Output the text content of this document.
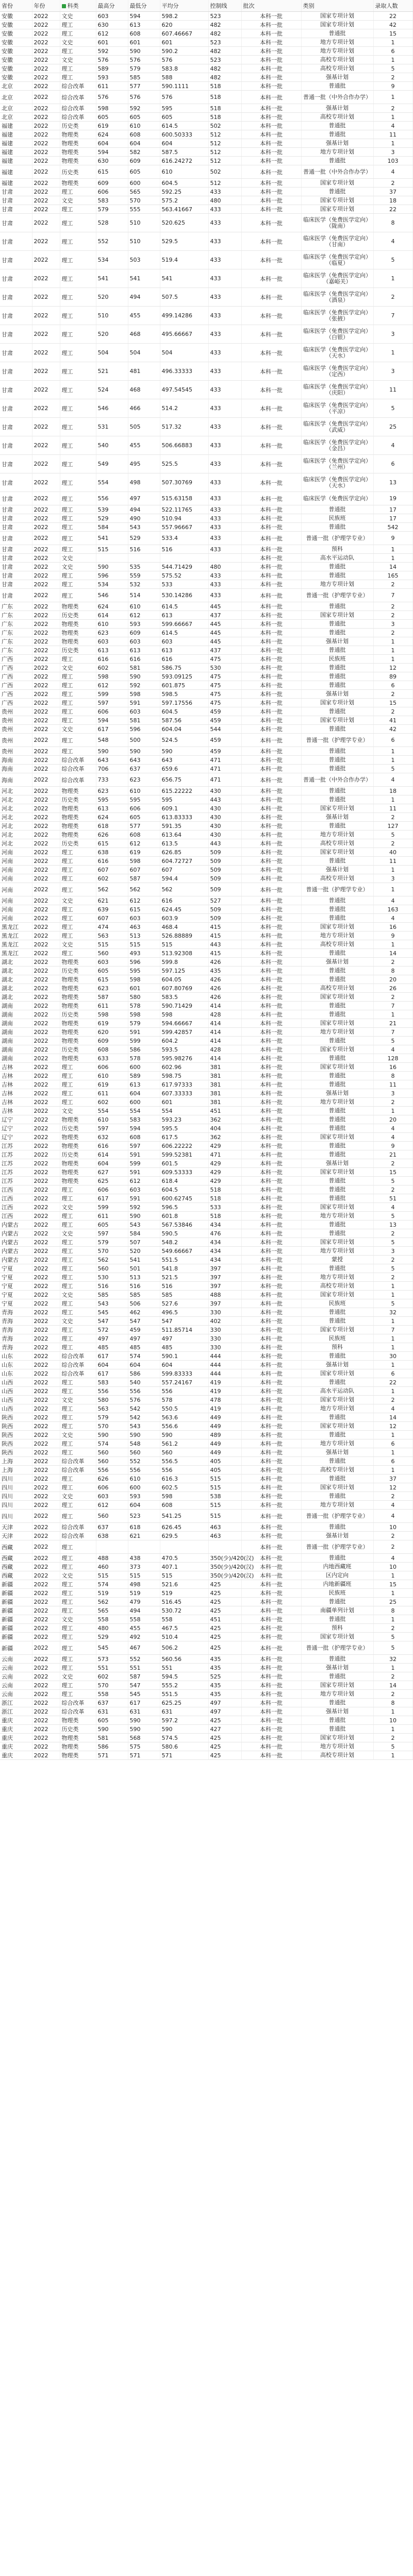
省份	年份	科类	最高分	最低分	平均分	控制线	批次	类别	录取人数
安徽	2022	文史	603	594	598.2	523	本科一批	国家专项计划	22
安徽	2022	理工	630	613	620	482	本科一批	国家专项计划	42
安徽	2022	理工	612	608	607.46667	482	本科一批	普通批	15
安徽	2022	文史	601	601	601	523	本科一批	地方专项计划	1
安徽	2022	理工	592	590	590.2	482	本科一批	地方专项计划	6
安徽	2022	文史	576	576	576	523	本科一批	高校专项计划	1
安徽	2022	理工	589	579	583.8	482	本科一批	高校专项计划	5
安徽	2022	理工	593	585	588	482	本科一批	强基计划	2
北京	2022	综合改革	611	577	590.1111	518	本科一批	普通批	9
北京	2022	综合改革	576	576	576	518	本科一批	普通一批（中外合作办学）	1
北京	2022	综合改革	598	592	595	518	本科一批	强基计划	2
北京	2022	综合改革	605	605	605	518	本科一批	高校专项计划	1
福建	2022	历史类	619	610	614.5	502	本科一批	普通批	4
福建	2022	物理类	624	608	600.50333	512	本科一批	普通批	11
福建	2022	物理类	604	604	604	512	本科一批	强基计划	1
福建	2022	物理类	594	582	587.5	512	本科一批	地方专项计划	3
福建	2022	物理类	630	609	616.24272	512	本科一批	普通批	103
福建	2022	历史类	615	605	610	502	本科一批	普通一批（中外合作办学）	4
福建	2022	物理类	609	600	604.5	512	本科一批	国家专项计划	2
甘肃	2022	理工	606	565	592.25	433	本科一批	普通批	37
甘肃	2022	文史	583	570	575.2	480	本科一批	国家专项计划	18
甘肃	2022	理工	579	555	563.41667	433	本科一批	国家专项计划	22
甘肃	2022	理工	528	510	520.625	433	本科一批	临床医学（免费医学定向）（陇南）	8
甘肃	2022	理工	552	510	529.5	433	本科一批	临床医学（免费医学定向）（甘南）	4
甘肃	2022	理工	534	503	519.4	433	本科一批	临床医学（免费医学定向）（临夏）	5
甘肃	2022	理工	541	541	541	433	本科一批	临床医学（免费医学定向）（嘉峪关）	1
甘肃	2022	理工	520	494	507.5	433	本科一批	临床医学（免费医学定向）（酒泉）	2
甘肃	2022	理工	510	455	499.14286	433	本科一批	临床医学（免费医学定向）（张掖）	7
甘肃	2022	理工	520	468	495.66667	433	本科一批	临床医学（免费医学定向）（白银）	3
甘肃	2022	理工	504	504	504	433	本科一批	临床医学（免费医学定向）（天水）	1
甘肃	2022	理工	521	481	496.33333	433	本科一批	临床医学（免费医学定向）（定西）	3
甘肃	2022	理工	524	468	497.54545	433	本科一批	临床医学（免费医学定向）（庆阳）	11
甘肃	2022	理工	546	466	514.2	433	本科一批	临床医学（免费医学定向）（平凉）	5
甘肃	2022	理工	531	505	517.32	433	本科一批	临床医学（免费医学定向）（武威）	25
甘肃	2022	理工	540	455	506.66883	433	本科一批	临床医学（免费医学定向）（金昌）	4
甘肃	2022	理工	549	495	525.5	433	本科一批	临床医学（免费医学定向）（兰州）	6
甘肃	2022	理工	554	498	507.30769	433	本科一批	临床医学（免费医学定向）（天水）	13
甘肃	2022	理工	556	497	515.63158	433	本科一批	临床医学（免费医学定向）	19
甘肃	2022	理工	539	494	522.11765	433	本科一批	普通批	17
甘肃	2022	理工	529	490	510.94	433	本科一批	民族班	17
甘肃	2022	理工	584	543	557.96667	433	本科一批	普通批	542
甘肃	2022	理工	541	529	533.4	433	本科一批	普通一批（护理学专业）	9
甘肃	2022	理工	515	516	516	433	本科一批	预科	1
甘肃	2022	文史					本科一批	高水平运动队	1
甘肃	2022	文史	590	535	544.71429	480	本科一批	普通批	14
甘肃	2022	理工	596	559	575.52	433	本科一批	普通批	165
甘肃	2022	理工	534	532	533	433	本科一批	地方专项计划	2
甘肃	2022	理工	546	514	530.14286	433	本科一批	普通一批（护理学专业）	7
广东	2022	物理类	624	610	614.5	445	本科一批	普通批	2
广东	2022	历史类	614	612	613	437	本科一批	国家专项计划	2
广东	2022	物理类	610	593	599.66667	445	本科一批	普通批	3
广东	2022	物理类	623	609	614.5	445	本科一批	普通批	2
广东	2022	物理类	603	603	603	445	本科一批	强基计划	1
广东	2022	历史类	613	613	613	437	本科一批	普通批	1
广西	2022	理工	616	616	616	475	本科一批	民族班	1
广西	2022	文史	602	581	586.75	530	本科一批	普通批	12
广西	2022	理工	598	590	593.09125	475	本科一批	普通批	89
广西	2022	理工	612	592	601.875	475	本科一批	普通批	6
广西	2022	理工	599	598	598.5	475	本科一批	强基计划	2
广西	2022	理工	597	591	597.17556	475	本科一批	国家专项计划	15
贵州	2022	理工	606	603	604.5	459	本科一批	普通批	2
贵州	2022	理工	594	581	587.56	459	本科一批	国家专项计划	41
贵州	2022	文史	617	596	604.04	544	本科一批	普通批	42
贵州	2022	理工	548	500	524.5	459	本科一批	普通一批（护理学专业）	6
贵州	2022	理工	590	590	590	459	本科一批	普通批	1
海南	2022	综合改革	643	643	643	471	本科一批	普通批	1
海南	2022	综合改革	706	637	659.6	471	本科一批	普通批	5
海南	2022	综合改革	733	623	656.75	471	本科一批	普通一批（中外合作办学）	4
河北	2022	物理类	623	610	615.22222	430	本科一批	普通批	18
河北	2022	历史类	595	595	595	443	本科一批	普通批	1
河北	2022	物理类	613	606	609.1	430	本科一批	国家专项计划	11
河北	2022	物理类	624	605	613.83333	430	本科一批	强基计划	2
河北	2022	物理类	618	577	591.35	430	本科一批	普通批	127
河北	2022	物理类	626	608	613.64	430	本科一批	地方专项计划	5
河北	2022	历史类	615	612	613.5	443	本科一批	高校专项计划	2
河南	2022	理工	638	619	626.85	509	本科一批	国家专项计划	40
河南	2022	理工	616	598	604.72727	509	本科一批	普通批	11
河南	2022	理工	607	607	607	509	本科一批	强基计划	1
河南	2022	理工	602	587	594.4	509	本科一批	高校专项计划	3
河南	2022	理工	562	562	562	509	本科一批	普通一批（护理学专业）	1
河南	2022	文史	621	612	616	527	本科一批	普通批	4
河南	2022	理工	639	615	624.45	509	本科一批	普通批	163
河南	2022	理工	607	603	603.9	509	本科一批	普通批	4
黑龙江	2022	理工	474	463	468.4	415	本科一批	国家专项计划	16
黑龙江	2022	理工	563	513	526.88889	415	本科一批	地方专项计划	9
黑龙江	2022	文史	515	515	515	443	本科一批	高校专项计划	1
黑龙江	2022	理工	560	493	513.92308	415	本科一批	普通批	14
湖北	2022	物理类	603	596	599.8	426	本科一批	强基计划	2
湖北	2022	历史类	605	595	597.125	435	本科一批	普通批	8
湖北	2022	物理类	615	598	604.05	426	本科一批	普通批	20
湖北	2022	物理类	623	601	607.80769	426	本科一批	高校专项计划	26
湖北	2022	物理类	587	580	583.5	426	本科一批	国家专项计划	2
湖南	2022	物理类	611	578	590.71429	414	本科一批	普通批	7
湖南	2022	历史类	598	598	598	428	本科一批	普通批	1
湖南	2022	物理类	619	579	594.66667	414	本科一批	国家专项计划	21
湖南	2022	物理类	620	591	599.42857	414	本科一批	地方专项计划	7
湖南	2022	物理类	609	599	604.2	414	本科一批	普通批	5
湖南	2022	历史类	608	586	593.5	428	本科一批	国家专项计划	4
湖南	2022	物理类	633	578	595.98276	414	本科一批	普通批	128
吉林	2022	理工	606	600	602.96	381	本科一批	国家专项计划	16
吉林	2022	理工	610	589	598.75	381	本科一批	普通批	8
吉林	2022	理工	619	613	617.97333	381	本科一批	普通批	11
吉林	2022	理工	611	604	607.33333	381	本科一批	强基计划	3
吉林	2022	理工	602	600	601	381	本科一批	地方专项计划	2
吉林	2022	文史	554	554	554	451	本科一批	普通批	1
辽宁	2022	物理类	610	583	593.23	362	本科一批	普通批	20
辽宁	2022	历史类	597	594	595.5	404	本科一批	普通批	4
辽宁	2022	物理类	632	608	617.5	362	本科一批	国家专项计划	4
江苏	2022	物理类	616	597	606.22222	429	本科一批	普通批	9
江苏	2022	历史类	614	591	599.52381	471	本科一批	普通批	21
江苏	2022	物理类	604	599	601.5	429	本科一批	强基计划	2
江苏	2022	物理类	627	591	609.53333	429	本科一批	国家专项计划	15
江苏	2022	物理类	625	612	618.4	429	本科一批	普通批	5
江西	2022	理工	606	603	604.5	518	本科一批	普通批	2
江西	2022	理工	617	591	600.62745	518	本科一批	普通批	51
江西	2022	文史	599	592	596.5	533	本科一批	国家专项计划	4
江西	2022	理工	611	590	601.8	518	本科一批	地方专项计划	5
内蒙古	2022	理工	605	543	567.53846	434	本科一批	普通批	13
内蒙古	2022	文史	597	584	590.5	476	本科一批	普通批	2
内蒙古	2022	理工	579	507	548.2	434	本科一批	国家专项计划	5
内蒙古	2022	理工	570	520	549.66667	434	本科一批	地方专项计划	3
内蒙古	2022	理工	562	541	551.5	434	本科一批	蒙授	2
宁夏	2022	理工	560	501	541.8	397	本科一批	普通批	5
宁夏	2022	理工	530	513	521.5	397	本科一批	地方专项计划	2
宁夏	2022	理工	516	516	516	397	本科一批	高校专项计划	1
宁夏	2022	文史	585	585	585	488	本科一批	国家专项计划	1
宁夏	2022	理工	543	506	527.6	397	本科一批	民族班	5
青海	2022	理工	545	462	496.5	330	本科一批	普通批	32
青海	2022	文史	547	547	547	402	本科一批	普通批	1
青海	2022	理工	572	459	511.85714	330	本科一批	国家专项计划	7
青海	2022	理工	497	497	497	330	本科一批	民族班	1
青海	2022	理工	485	485	485	330	本科一批	预科	1
山东	2022	综合改革	617	574	590.1	444	本科一批	普通批	30
山东	2022	综合改革	604	604	604	444	本科一批	强基计划	1
山东	2022	综合改革	617	586	599.83333	444	本科一批	国家专项计划	6
山西	2022	理工	583	540	557.24167	419	本科一批	普通批	22
山西	2022	理工	556	556	556	419	本科一批	高水平运动队	1
山西	2022	文史	580	576	578	478	本科一批	国家专项计划	2
山西	2022	理工	563	542	550.5	419	本科一批	地方专项计划	4
陕西	2022	理工	579	542	563.6	449	本科一批	普通批	14
陕西	2022	理工	570	543	556.6	449	本科一批	国家专项计划	12
陕西	2022	文史	590	590	590	489	本科一批	普通批	1
陕西	2022	理工	574	548	561.2	449	本科一批	地方专项计划	6
陕西	2022	理工	560	560	560	449	本科一批	强基计划	1
上海	2022	综合改革	560	552	556.5	405	本科一批	普通批	6
上海	2022	综合改革	556	556	556	405	本科一批	高校专项计划	1
四川	2022	理工	626	610	616.3	515	本科一批	普通批	37
四川	2022	理工	606	600	602.5	515	本科一批	国家专项计划	12
四川	2022	文史	603	593	598	538	本科一批	普通批	2
四川	2022	理工	612	604	608	515	本科一批	地方专项计划	4
四川	2022	理工	560	523	541.25	515	本科一批	普通一批（护理学专业）	4
天津	2022	综合改革	637	618	626.45	463	本科一批	普通批	10
天津	2022	综合改革	638	621	629.5	463	本科一批	强基计划	2
西藏	2022	理工					本科一批	普通一批（护理学专业）	2
西藏	2022	理工	488	438	470.5	350(少)/420(汉)	本科一批	普通批	4
西藏	2022	理工	460	373	407.1	350(少)/420(汉)	本科一批	内地西藏班	10
西藏	2022	文史	515	515	515	350(少)/420(汉)	本科一批	区内定向	1
新疆	2022	理工	574	498	521.6	425	本科一批	内地新疆班	15
新疆	2022	理工	519	519	519	425	本科一批	民族班	1
新疆	2022	理工	562	479	516.45	425	本科一批	普通批	25
新疆	2022	理工	565	494	530.72	425	本科一批	南疆单列计划	8
新疆	2022	文史	558	558	558	451	本科一批	普通批	1
新疆	2022	理工	480	455	467.5	425	本科一批	预科	2
新疆	2022	理工	529	492	510.4	425	本科一批	国家专项计划	5
新疆	2022	理工	545	467	506.2	425	本科一批	普通一批（护理学专业）	5
云南	2022	理工	573	552	560.56	435	本科一批	普通批	32
云南	2022	理工	551	551	551	435	本科一批	强基计划	1
云南	2022	文史	602	587	594.5	525	本科一批	普通批	2
云南	2022	理工	570	547	555.2	435	本科一批	国家专项计划	14
云南	2022	理工	558	545	551.5	435	本科一批	地方专项计划	2
浙江	2022	综合改革	637	617	625.25	497	本科一批	普通批	8
浙江	2022	综合改革	631	631	631	497	本科一批	强基计划	1
重庆	2022	物理类	605	590	597.2	425	本科一批	普通批	10
重庆	2022	历史类	590	590	590	427	本科一批	普通批	1
重庆	2022	物理类	581	568	574.5	425	本科一批	国家专项计划	2
重庆	2022	物理类	586	575	580.6	425	本科一批	地方专项计划	5
重庆	2022	物理类	571	571	571	425	本科一批	高校专项计划	1
